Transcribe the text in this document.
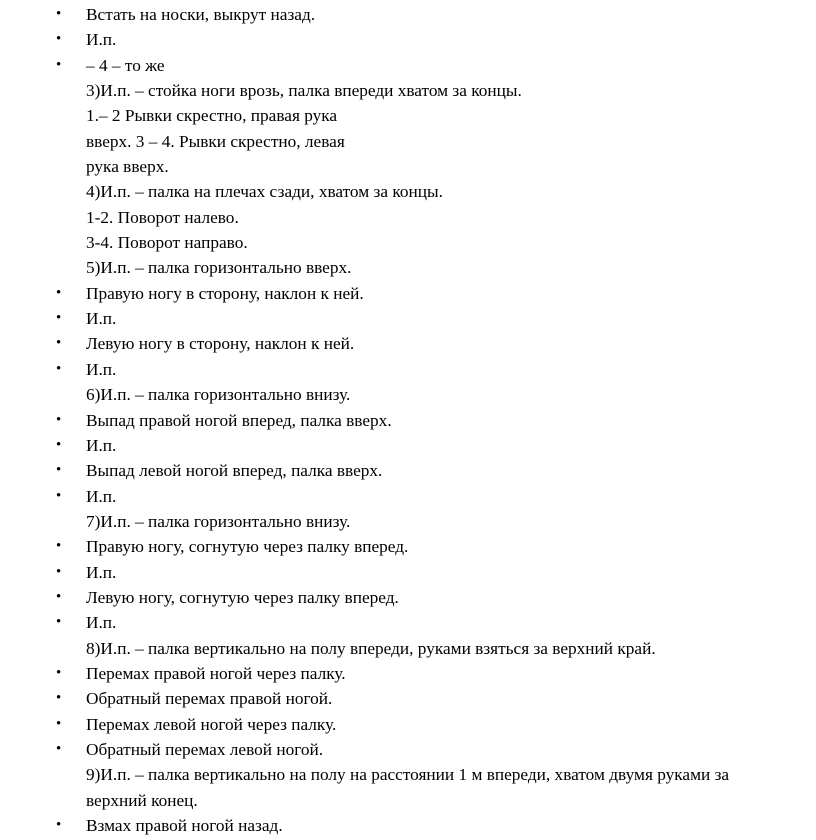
•	Встать на носки, выкрут назад.
•	И.п.
•	– 4 – то же
3)И.п. – стойка ноги врозь, палка впереди хватом за концы.
1.– 2 Рывки скрестно, правая рука
вверх. 3 – 4. Рывки скрестно, левая
рука вверх.
4)И.п. – палка на плечах сзади, хватом за концы.
1-2. Поворот налево.
3-4. Поворот направо.
5)И.п. – палка горизонтально вверх.
•	Правую ногу в сторону, наклон к ней.
•	И.п.
•	Левую ногу в сторону, наклон к ней.
•	И.п.
6)И.п. – палка горизонтально внизу.
•	Выпад правой ногой вперед, палка вверх.
•	И.п.
•	Выпад левой ногой вперед, палка вверх.
•	И.п.
7)И.п. – палка горизонтально внизу.
•	Правую ногу, согнутую через палку вперед.
•	И.п.
•	Левую ногу, согнутую через палку вперед.
•	И.п.
8)И.п. – палка вертикально на полу впереди, руками взяться за верхний край.
•	Перемах правой ногой через палку.
•	Обратный перемах правой ногой.
•	Перемах левой ногой через палку.
•	Обратный перемах левой ногой.
9)И.п. – палка вертикально на полу на расстоянии 1 м впереди, хватом двумя руками за
верхний конец.
•	Взмах правой ногой назад.
